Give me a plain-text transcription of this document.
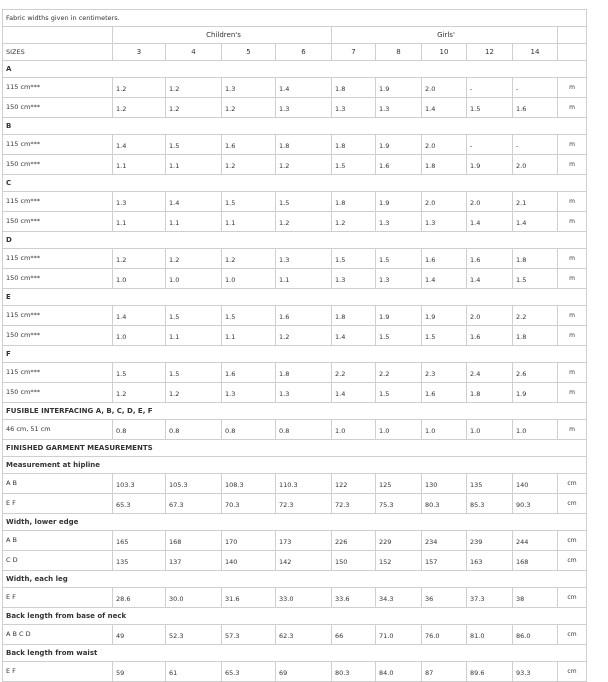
Fabric widths given in centimeters.										
	Children's				Girls'					
SIZES	3	4	5	6	7	8	10	12	14	
A										
115 cm***	1.2	1.2	1.3	1.4	1.8	1.9	2.0	-	-	m
150 cm***	1.2	1.2	1.2	1.3	1.3	1.3	1.4	1.5	1.6	m
B										
115 cm***	1.4	1.5	1.6	1.8	1.8	1.9	2.0	-	-	m
150 cm***	1.1	1.1	1.2	1.2	1.5	1.6	1.8	1.9	2.0	m
C										
115 cm***	1.3	1.4	1.5	1.5	1.8	1.9	2.0	2.0	2.1	m
150 cm***	1.1	1.1	1.1	1.2	1.2	1.3	1.3	1.4	1.4	m
D										
115 cm***	1.2	1.2	1.2	1.3	1.5	1.5	1.6	1.6	1.8	m
150 cm***	1.0	1.0	1.0	1.1	1.3	1.3	1.4	1.4	1.5	m
E										
115 cm***	1.4	1.5	1.5	1.6	1.8	1.9	1.9	2.0	2.2	m
150 cm***	1.0	1.1	1.1	1.2	1.4	1.5	1.5	1.6	1.8	m
F										
115 cm***	1.5	1.5	1.6	1.8	2.2	2.2	2.3	2.4	2.6	m
150 cm***	1.2	1.2	1.3	1.3	1.4	1.5	1.6	1.8	1.9	m
FUSIBLE INTERFACING A, B, C, D, E, F										
46 cm, 51 cm	0.8	0.8	0.8	0.8	1.0	1.0	1.0	1.0	1.0	m
FINISHED GARMENT MEASUREMENTS										
Measurement at hipline										
A B	103.3	105.3	108.3	110.3	122	125	130	135	140	cm
E F	65.3	67.3	70.3	72.3	72.3	75.3	80.3	85.3	90.3	cm
Width, lower edge										
A B	165	168	170	173	226	229	234	239	244	cm
C D	135	137	140	142	150	152	157	163	168	cm
Width, each leg										
E F	28.6	30.0	31.6	33.0	33.6	34.3	36	37.3	38	cm
Back length from base of neck										
A B C D	49	52.3	57.3	62.3	66	71.0	76.0	81.0	86.0	cm
Back length from waist										
E F	59	61	65.3	69	80.3	84.0	87	89.6	93.3	cm
